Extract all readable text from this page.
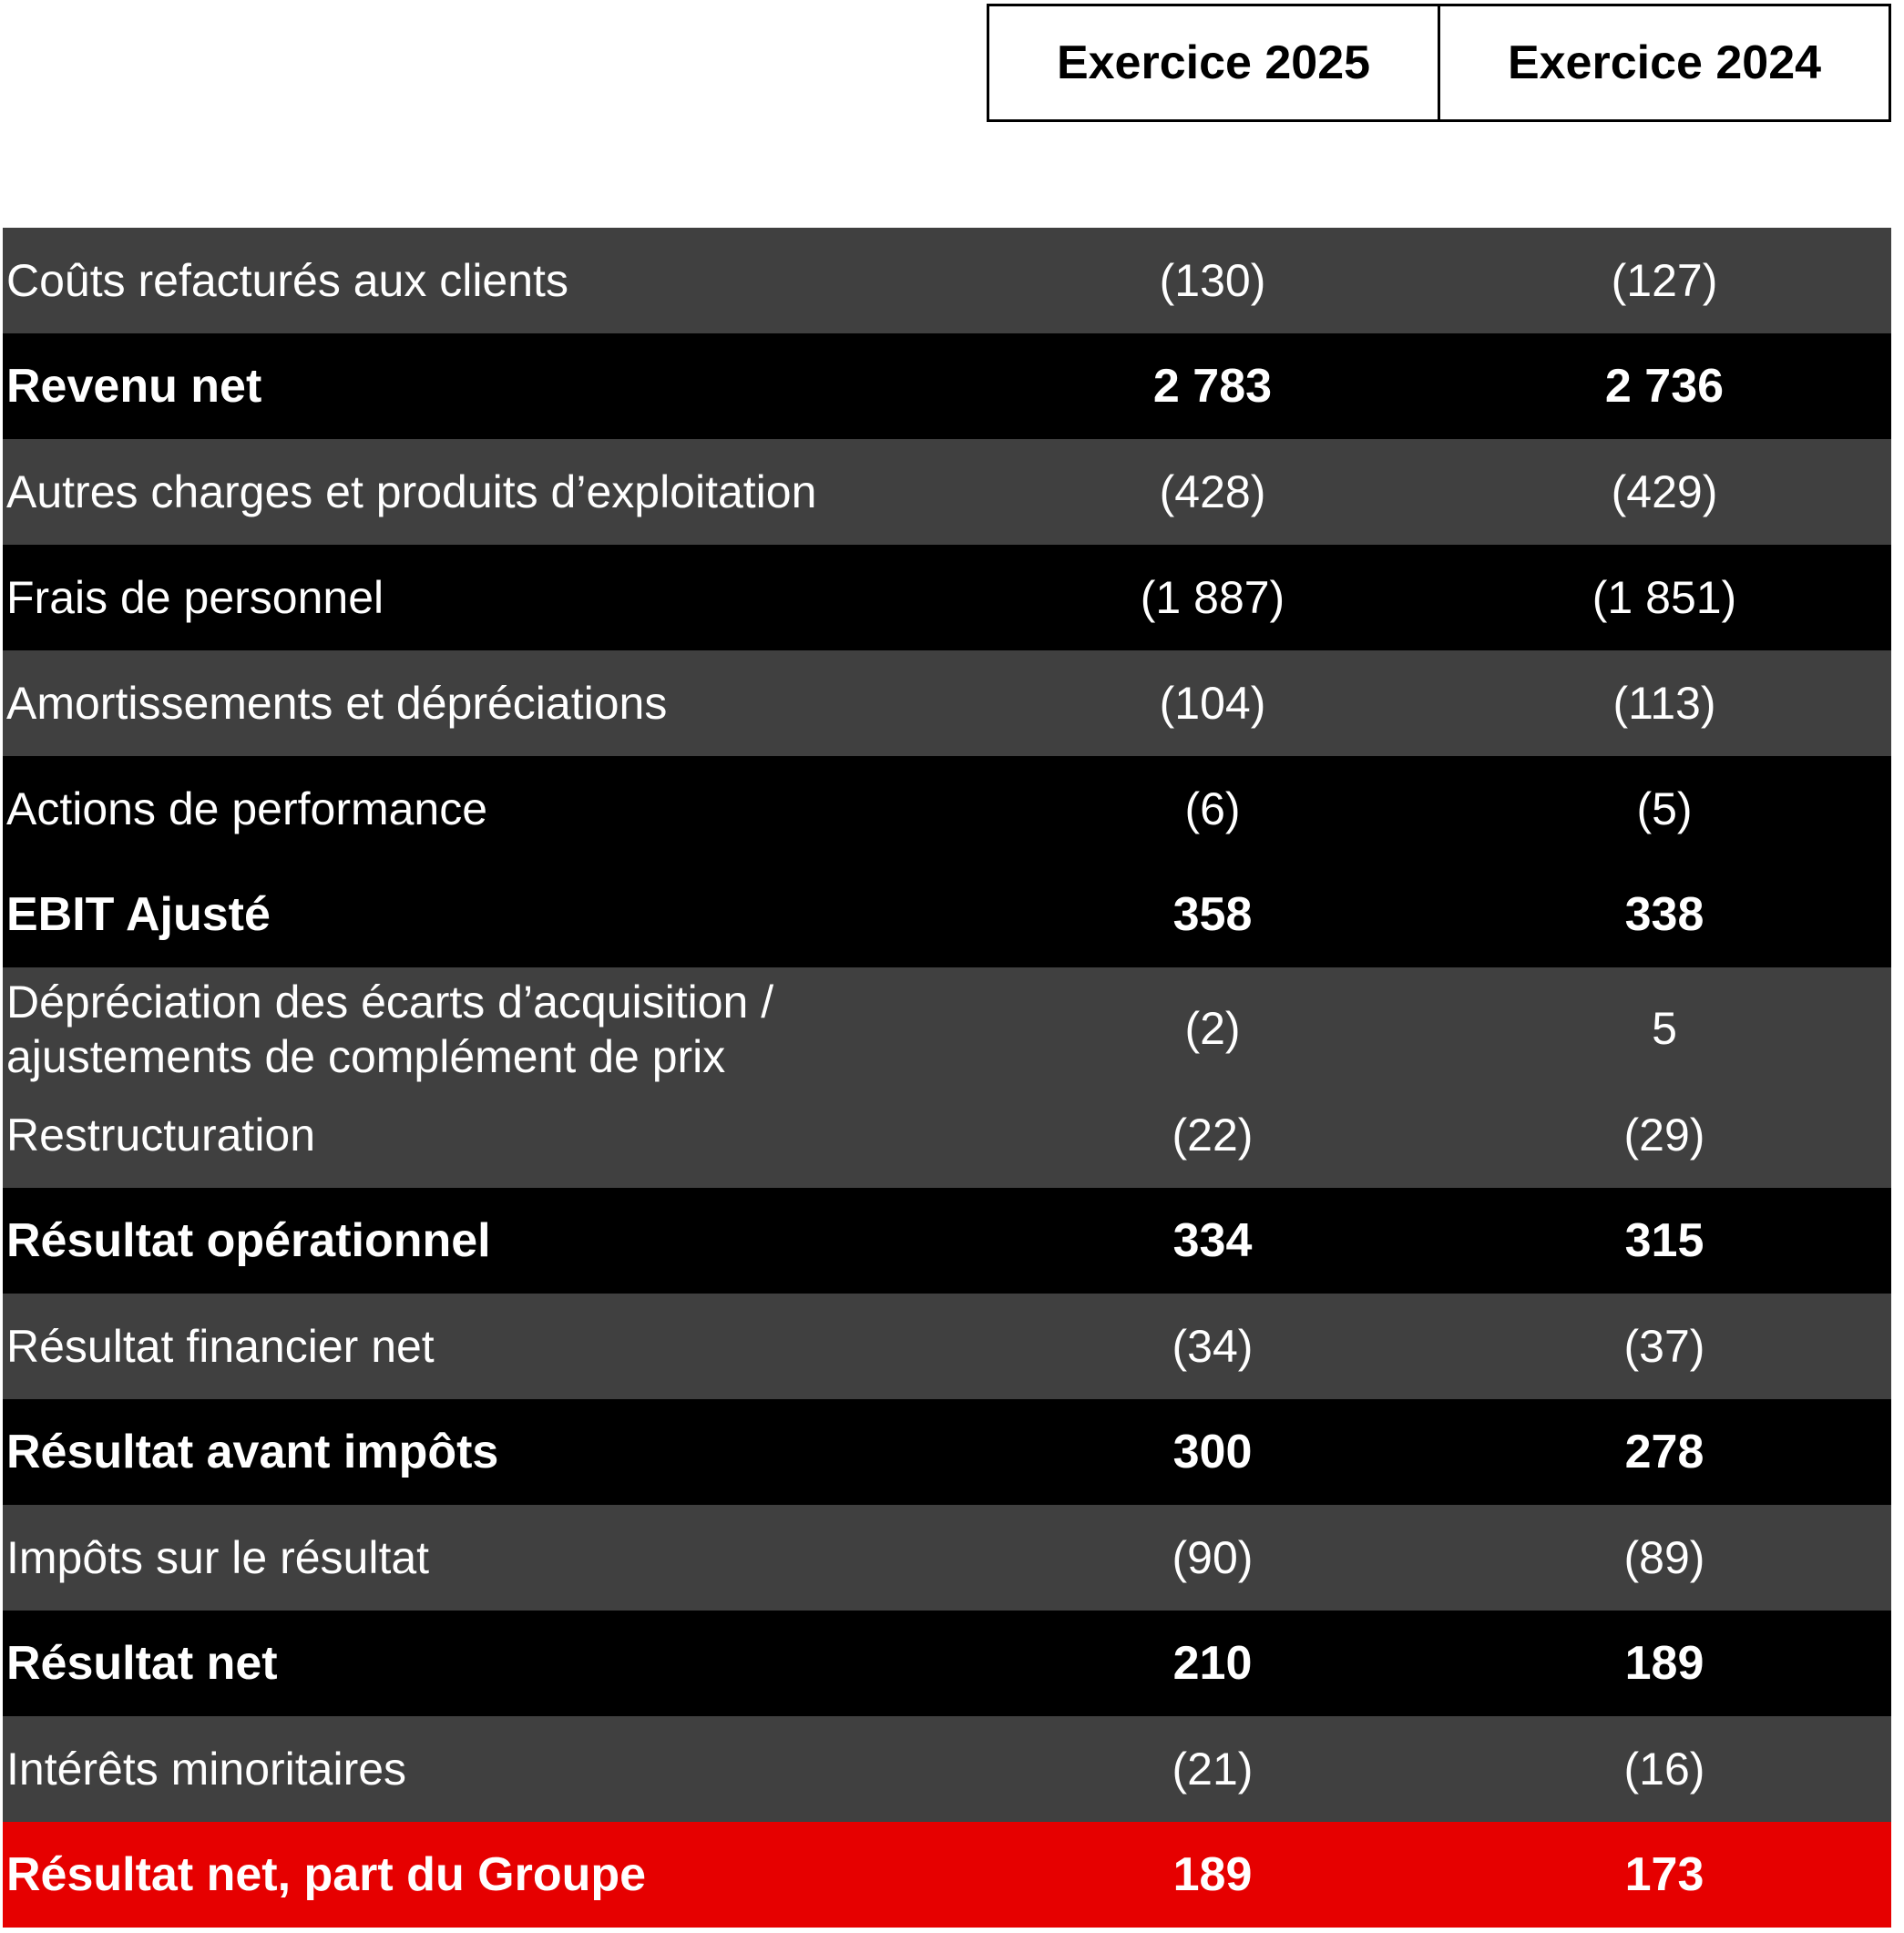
Exercice 2025	Exercice 2024
Coûts refacturés aux clients	(130)	(127)
Revenu net	2 783	2 736
Autres charges et produits d’exploitation	(428)	(429)
Frais de personnel	(1 887)	(1 851)
Amortissements et dépréciations	(104)	(113)
Actions de performance	(6)	(5)
EBIT Ajusté	358	338
Dépréciation des écarts d’acquisition /
ajustements de complément de prix
(2)	5
Restructuration	(22)	(29)
Résultat opérationnel	334	315
Résultat financier net	(34)	(37)
Résultat avant impôts	300	278
Impôts sur le résultat	(90)	(89)
Résultat net	210	189
Intérêts minoritaires	(21)	(16)
Résultat net, part du Groupe	189	173
